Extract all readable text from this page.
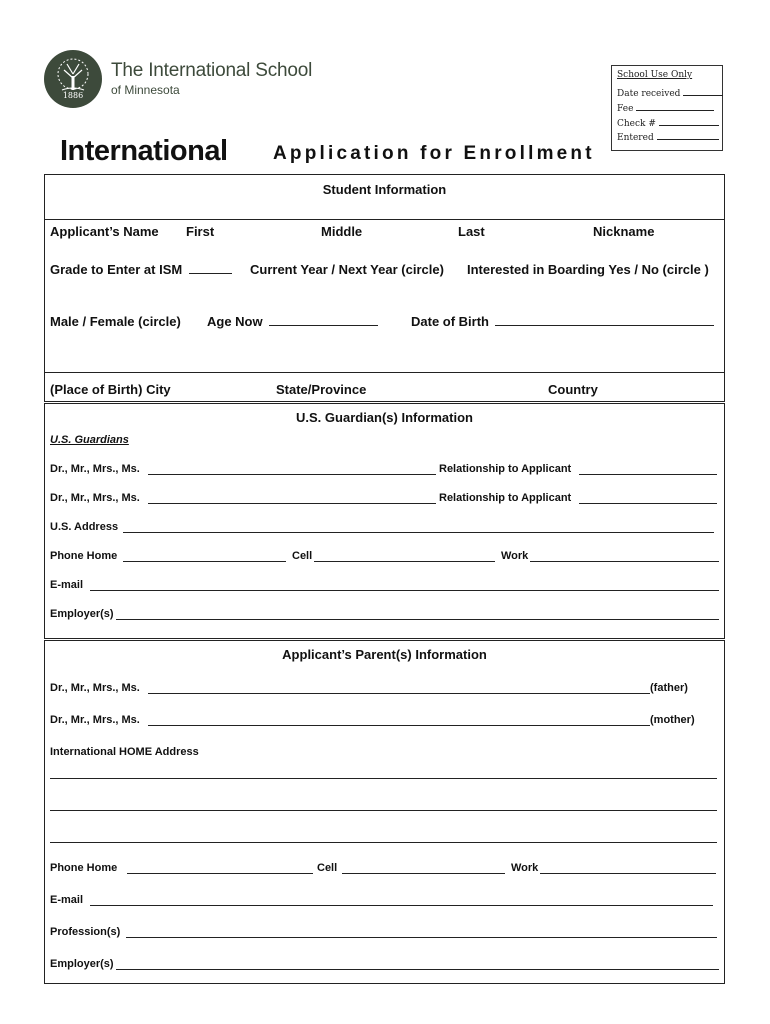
1886
The International School
of Minnesota
School Use Only
Date received
Fee
Check #
Entered
International Application for Enrollment
Student Information
Applicant’s Name First	Middle	Last	Nickname
Grade to Enter at ISM	Current Year / Next Year (circle) Interested in Boarding Yes / No (circle )
Male / Female (circle) Age Now	Date of Birth
(Place of Birth) City	State/Province	Country
U.S. Guardian(s) Information
U.S. Guardians
Dr., Mr., Mrs., Ms.	Relationship to Applicant
Dr., Mr., Mrs., Ms.	Relationship to Applicant
U.S. Address
Phone Home	Cell	Work
E-mail
Employer(s)
Applicant’s Parent(s) Information
Dr., Mr., Mrs., Ms.	(father)
Dr., Mr., Mrs., Ms.	(mother)
International HOME Address
Phone Home	Cell	Work
E-mail
Profession(s)
Employer(s)
